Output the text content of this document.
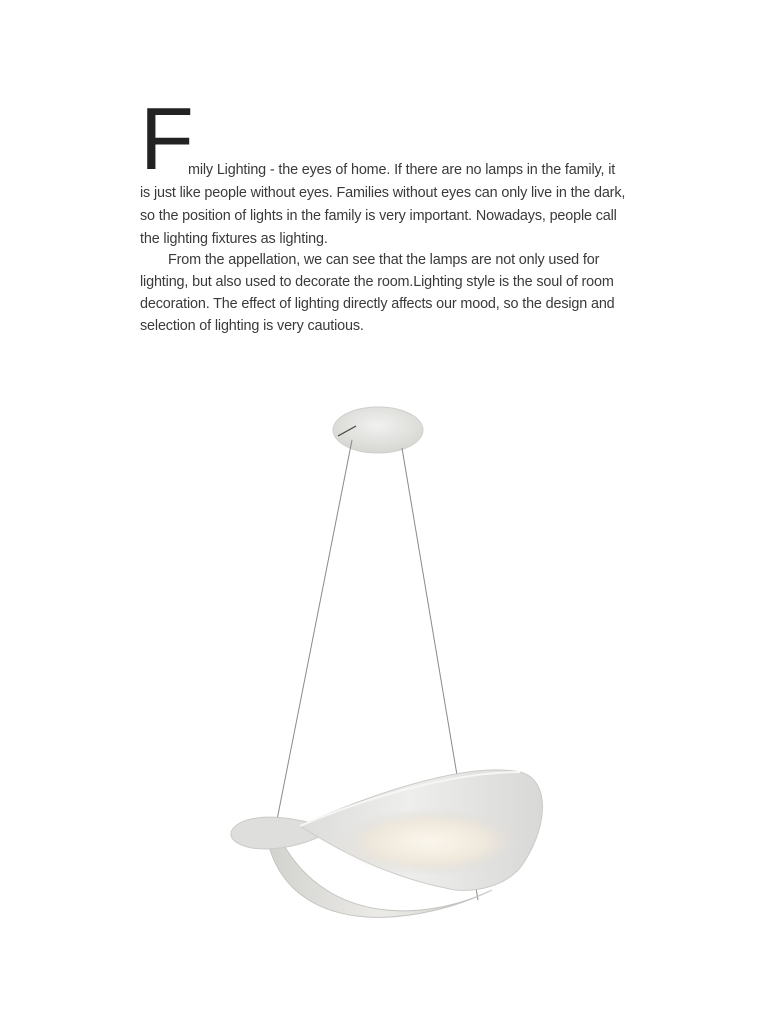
F
mily Lighting - the eyes of home. If there are no lamps in the family, it
is just like people without eyes. Families without eyes can only live in the dark,
so the position of lights in the family is very important. Nowadays, people call
the lighting fixtures as lighting.
From the appellation, we can see that the lamps are not only used for
lighting, but also used to decorate the room.Lighting style is the soul of room
decoration. The effect of lighting directly affects our mood, so the design and
selection of lighting is very cautious.
